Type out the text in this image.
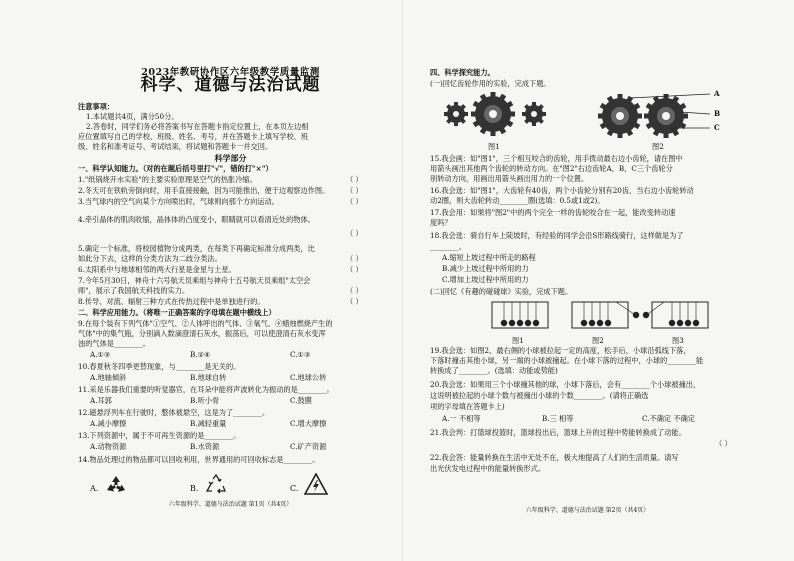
2023年教研协作区六年级教学质量监测
科学、道德与法治试题
注意事项：
1.本试题共4页，满分50分。
2.答卷时，同学们务必将答案书写在答题卡指定位置上，在本页左边相
应位置填写自己的学校、班级、姓名、考号，并在答题卡上填写学校、班
级、姓名和准考证号、考试结束，将试题和答题卡一并交回。
科学部分
一、科学认知能力。（对的在题后括号里打"√"，错的打"×"）
1."纸锅烧开水实验"的主要实验原理是空气的热胀冷缩。	（ ）
2.冬天可在铁轨旁倒向时，用手直接接触，因为可能推出，便于边观察边作图。 （ ）
3.当气球内的空气向某个方向喷出时，气球则向那个方向运动。	（ ）
4.牵引晶体的肌肉收缩，晶体体的凸度变小，眼睛就可以看清近处的物体。
（ ）
5.确定一个标准，将校园植物分成两类，在每类下再确定标准分成两类，比
如此分下去，这样的分类方法为二歧分类法。	（ ）
6.太阳系中与地球相邻的两大行星是金星与土星。	（ ）
7.今年5月30日，神舟十六号航天员乘组与神舟十五号航天员乘组"太空会
师"，展示了我国航天科技的实力。	（ ）
8.传导、对流、辐射三种方式在传热过程中是单独进行的。	（ ）
二、科学应用能力。（将唯一正确答案的字母填在题中横线上）
9.在每个装有下列气体"①空气、②人体呼出的气体、③氧气、④蜡烛燃烧产生的
气体"中的集气瓶，分别滴入数滴澄清石灰水，振荡后，可以使澄清石灰水变浑
浊的气体是________。
A.①③	B.②④	C.①③
10.春夏秋冬四季更替现象，与________是无关的。
A.地轴倾斜	B.地球自转	C.地球公转
11.采是乐器我们重要的听觉器官，在耳朵中能将声波转化为振动的是________。
A.耳郭	B.听小骨	C.鼓膜
12.磁悬浮列车在行驶时，整体被悬空，这是为了________。
A.减小摩擦	B.减轻重量	C.增大摩擦
13.下列资源中，属于不可再生资源的是________。
A.动物资源	B.水资源	C.矿产资源
14.物品处理过的物品都可以回收利用，世界通用的可回收标志是________。
A.	B.	C.
六年级科学、道德与法治试题 第1页（共4页）
四、科学探究能力。
(一)回忆齿轮作用的实验，完成下题。
图1
A
B
C
图2
15.我会画：如"图1"，三个相互咬合的齿轮，用手拨动最右边小齿轮，请在图中
用箭头画出其他两个齿轮的转动方向。在"图2"右边齿轮A，B，C三个齿轮分
别转动方向，用画出用箭头画出用力的一个位置。
16.我会选：如"图1"，大齿轮有40齿，两个小齿轮分别有20齿，当右边小齿轮转动
动2圈，则大齿轮转动________圈(选填：0.5或1或2)。
17.我会用：如果将"图2"中的两个完全一样的齿轮咬合在一起，能改变转动速
度吗？
18.我会选：骑自行车上陡坡时，有经验的同学会沿S形路线骑行，这样做是为了
________。
A.缩短上坡过程中所走的路程
B.减少上坡过程中所用的力
C.增加上坡过程中所用的力
(二)回忆《有趣的碰碰球》实验，完成下题。
图1	图2	图3
19.我会选：如图2，最右侧的小球被拉起一定的高度，松手后，小球沿弧线下落，
下落时撞击其他小球，另一端的小球被撞起。在小球下落的过程中，小球的________能
转换成了________。(选填：动能或势能)
20.我会选：如果用三个小球撞其他的球，小球下落后，会有________个小球被撞出，
这说明被拉起的小球个数与被撞出小球的个数________。(请将正确选
项的字母填在答题卡上)
A.一 不相等	B.三 相等	C.不确定 不确定
21.我会判：打篮球投篮时，篮球投出后，篮球上升的过程中势能转换成了动能。
（ ）
22.我会答：能量转换在生活中无处不在，极大地提高了人们的生活质量。请写
出光伏发电过程中的能量转换形式。
六年级科学、道德与法治试题 第2页（共4页）
